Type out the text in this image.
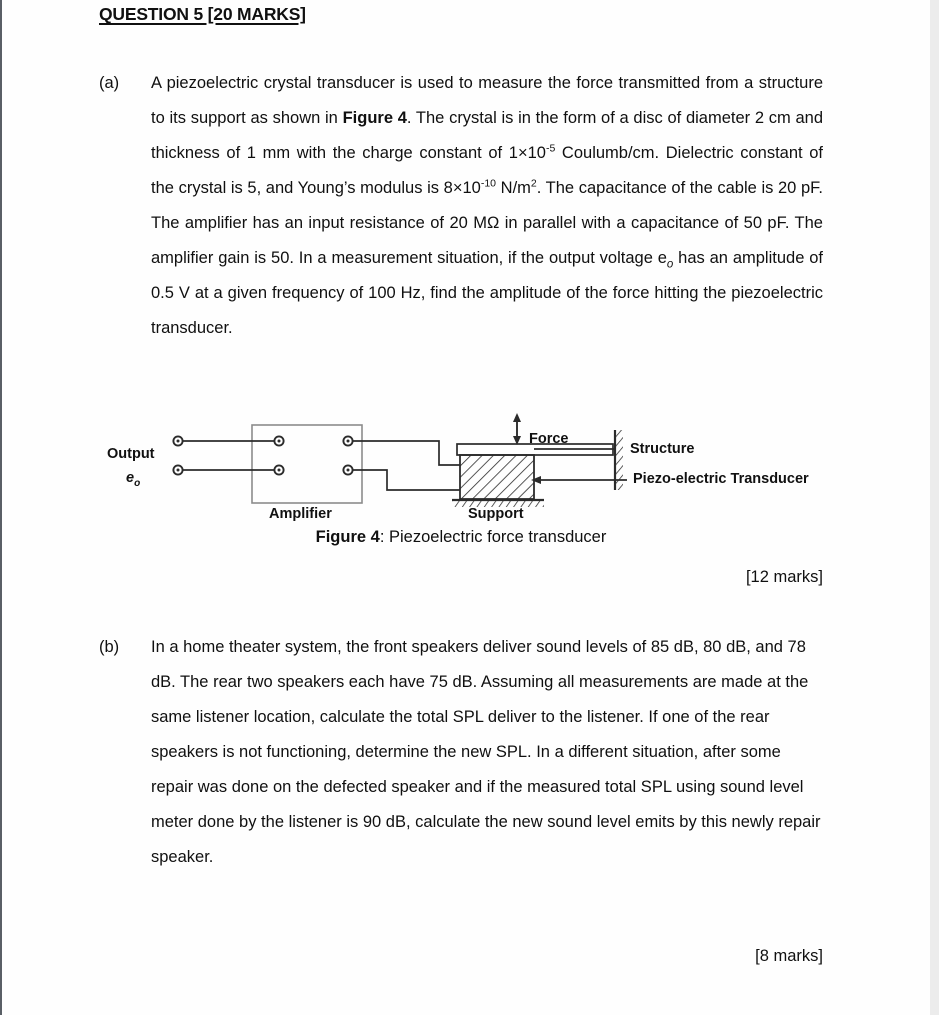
QUESTION 5 [20 MARKS]
(a)	A piezoelectric crystal transducer is used to measure the force transmitted from a structure to its support as shown in Figure 4. The crystal is in the form of a disc of diameter 2 cm and thickness of 1 mm with the charge constant of $1\times 10^{-5}$ Coulumb/cm. Dielectric constant of the crystal is 5, and Young’s modulus is $8\times 10^{-10}$ $N/m^2$. The capacitance of the cable is 20 pF. The amplifier has an input resistance of 20 MΩ in parallel with a capacitance of 50 pF. The amplifier gain is 50. In a measurement situation, if the output voltage $e_o$ has an amplitude of 0.5 V at a given frequency of 100 Hz, find the amplitude of the force hitting the piezoelectric transducer.
Output
$e_o$
Amplifier
Force
Structure
Support
Piezo-electric Transducer
Figure 4: Piezoelectric force transducer
[12 marks]
(b)	In a home theater system, the front speakers deliver sound levels of 85 dB, 80 dB, and 78 dB. The rear two speakers each have 75 dB. Assuming all measurements are made at the same listener location, calculate the total SPL deliver to the listener. If one of the rear speakers is not functioning, determine the new SPL. In a different situation, after some repair was done on the defected speaker and if the measured total SPL using sound level meter done by the listener is 90 dB, calculate the new sound level emits by this newly repair speaker.
[8 marks]
